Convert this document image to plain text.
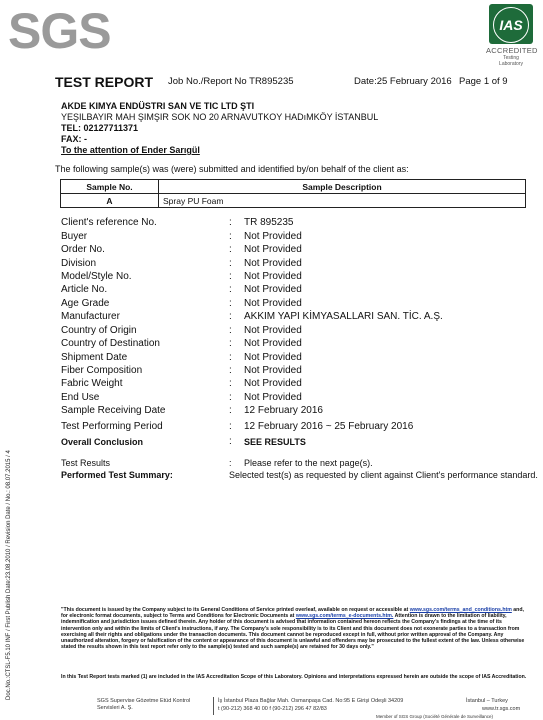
SGS	IAS
ACCREDITED
Testing
Laboratory
TEST REPORT Job No./Report No TR895235	Date:25 February 2016 Page 1 of 9
AKDE KIMYA ENDÜSTRI SAN VE TIC LTD ŞTI
YEŞILBAYIR MAH ŞIMŞIR SOK NO 20 ARNAVUTKOY HADıMKÖY İSTANBUL
TEL: 02127711371
FAX: -
To the attention of Ender Sarıgül
The following sample(s) was (were) submitted and identified by/on behalf of the client as:
Sample No.	Sample Description
A	Spray PU Foam
Client's reference No.	: TR 895235
Buyer	: Not Provided
Order No.	: Not Provided
Division	: Not Provided
Model/Style No.	: Not Provided
Article No.	: Not Provided
Age Grade	: Not Provided
Manufacturer	: AKKIM YAPI KİMYASALLARI SAN. TİC. A.Ş.
Country of Origin	: Not Provided
Country of Destination	: Not Provided
Shipment Date	: Not Provided
Fiber Composition	: Not Provided
Fabric Weight	: Not Provided
End Use	: Not Provided
Sample Receiving Date	: 12 February 2016
Test Performing Period	: 12 February 2016 ~ 25 February 2016
Overall Conclusion	: SEE RESULTS
Test Results	: Please refer to the next page(s).
Performed Test Summary:	Selected test(s) as requested by client against Client's performance standard.
"This document is issued by the Company subject to its General Conditions of Service printed overleaf, available on request or accessible at www.sgs.com/terms_and_conditions.htm and, for electronic format documents, subject to Terms and Conditions for Electronic Documents at www.sgs.com/terms_e-documents.htm. Attention is drawn to the limitation of liability, indemnification and jurisdiction issues defined therein. Any holder of this document is advised that information contained hereon reflects the Company's findings at the time of its intervention only and within the limits of Client's instructions, if any. The Company's sole responsibility is to its Client and this document does not exonerate parties to a transaction from exercising all their rights and obligations under the transaction documents. This document cannot be reproduced except in full, without prior written approval of the Company. Any unauthorized alteration, forgery or falsification of the content or appearance of this document is unlawful and offenders may be prosecuted to the fullest extent of the law. Unless otherwise stated the results shown in this test report refer only to the sample(s) tested and such sample(s) are retained for 30 days only."
In this Test Report tests marked (1) are included in the IAS Accreditation Scope of this Laboratory. Opinions and interpretations expressed herein are outside the scope of IAS Accreditation.
SGS Supervise Gözetme Etüd Kontrol
Servisleri A. Ş.
İş İstanbul Plaza Bağlar Mah. Osmanpaşa Cad. No:95 E Girişi Odeşli 34209
t (90-212) 368 40 00 f (90-212) 296 47 82/83
İstanbul – Turkey
www.tr.sgs.com
Member of SGS Group (Société Générale de Surveillance)
Doc.No.:CTSL-F5.10 INF / First Publish Date:23.08.2010 / Revision Date / No.: 08.07.2015 / 4
